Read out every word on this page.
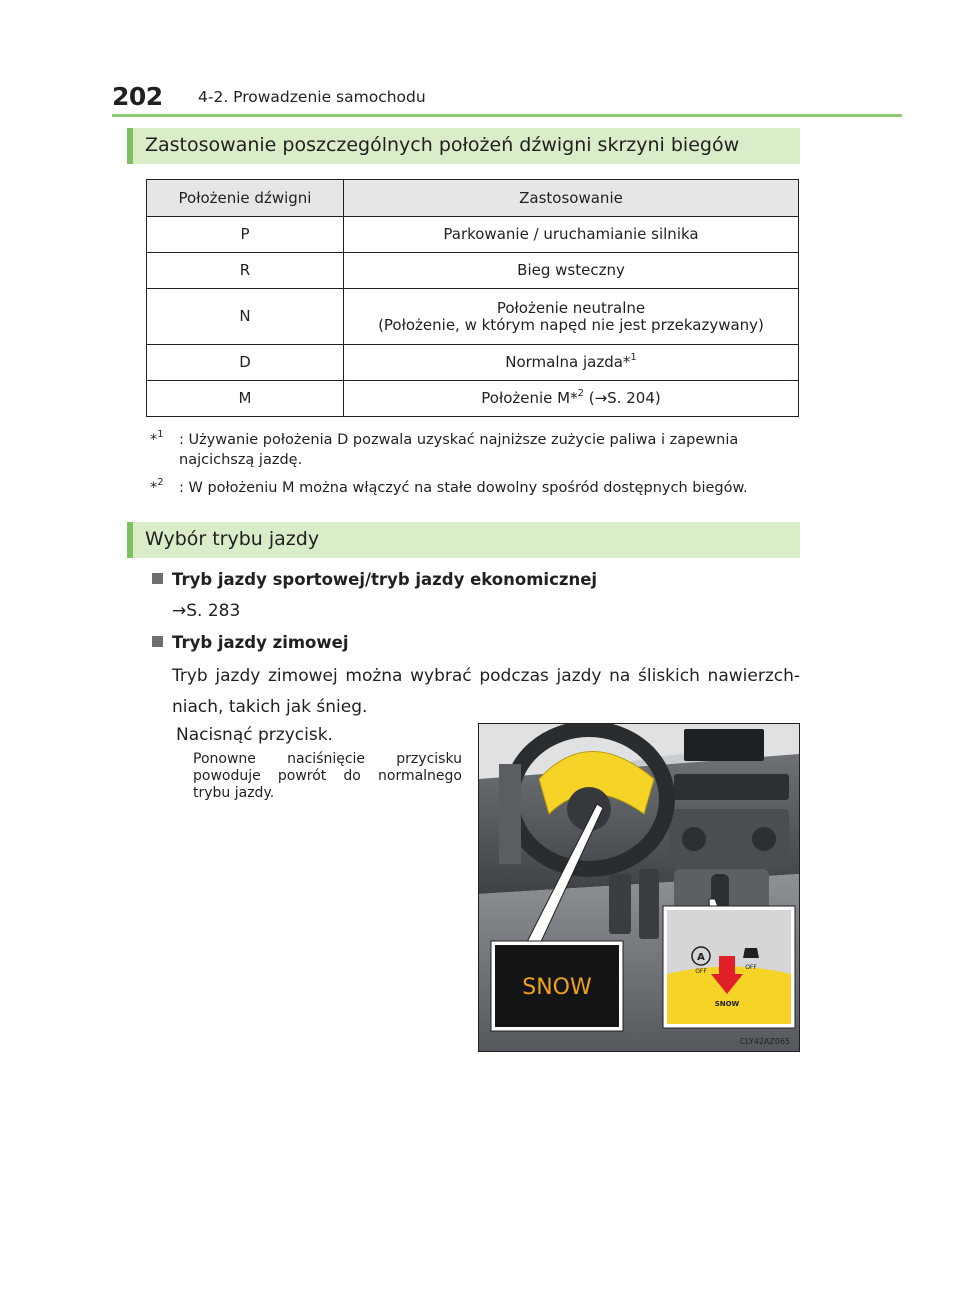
202 4-2. Prowadzenie samochodu
Zastosowanie poszczególnych położeń dźwigni skrzyni biegów
Położenie dźwigni	Zastosowanie
P	Parkowanie / uruchamianie silnika
R	Bieg wsteczny
N	Położenie neutralne
(Położenie, w którym napęd nie jest przekazywany)
D	Normalna jazda*$^1$
M	Położenie M*$^2$ (→S. 204)
*$^1$ : Używanie położenia D pozwala uzyskać najniższe zużycie paliwa i zapewnia najcichszą jazdę.
*$^2$ : W położeniu M można włączyć na stałe dowolny spośród dostępnych biegów.
Wybór trybu jazdy
Tryb jazdy sportowej/tryb jazdy ekonomicznej
→S. 283
Tryb jazdy zimowej
Tryb jazdy zimowej można wybrać podczas jazdy na śliskich nawierzch-niach, takich jak śnieg.
Nacisnąć przycisk.
Ponowne naciśnięcie przycisku powoduje powrót do normalnego trybu jazdy.
SNOW
A
OFF
OFF
SNOW
CLY42AZ065
